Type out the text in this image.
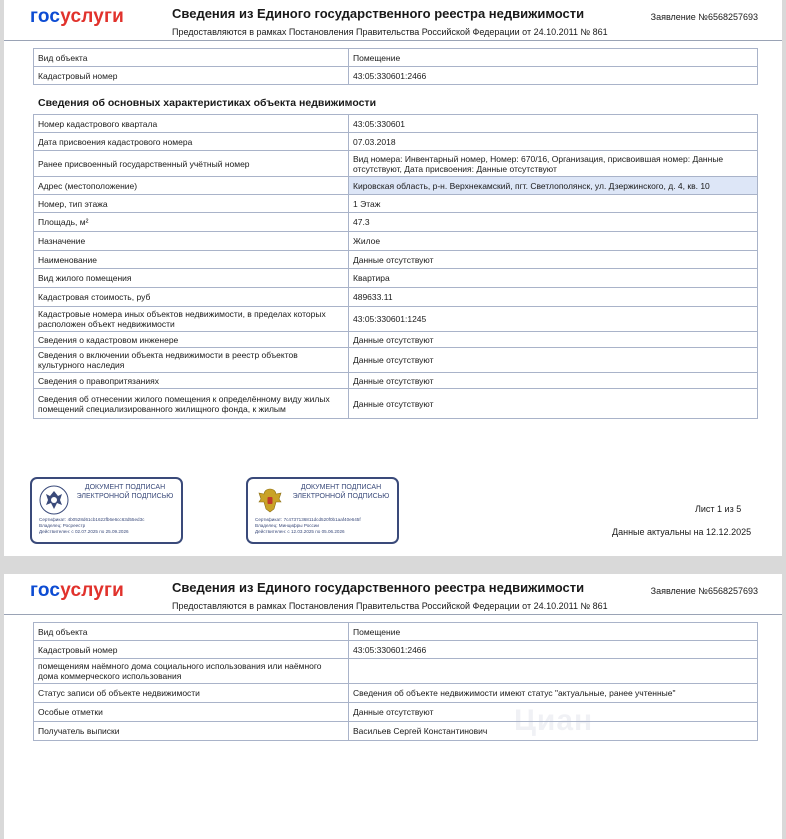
госуслуги	Сведения из Единого государственного реестра недвижимости
Предоставляются в рамках Постановления Правительства Российской Федерации от 24.10.2011 № 861
Заявление №6568257693
Вид объекта	Помещение
Кадастровый номер	43:05:330601:2466
Сведения об основных характеристиках объекта недвижимости
Номер кадастрового квартала	43:05:330601
Дата присвоения кадастрового номера	07.03.2018
Ранее присвоенный государственный учётный номер	Вид номера: Инвентарный номер, Номер: 670/16, Организация, присвоившая номер: Данные отсутствуют, Дата присвоения: Данные отсутствуют
Адрес (местоположение)	Кировская область, р-н. Верхнекамский, пгт. Светлополянск, ул. Дзержинского, д. 4, кв. 10
Номер, тип этажа	1 Этаж
Площадь, м²	47.3
Назначение	Жилое
Наименование	Данные отсутствуют
Вид жилого помещения	Квартира
Кадастровая стоимость, руб	489633.11
Кадастровые номера иных объектов недвижимости, в пределах которых расположен объект недвижимости	43:05:330601:1245
Сведения о кадастровом инженере	Данные отсутствуют
Сведения о включении объекта недвижимости в реестр объектов культурного наследия	Данные отсутствуют
Сведения о правопритязаниях	Данные отсутствуют
Сведения об отнесении жилого помещения к определённому виду жилых помещений специализированного жилищного фонда, к жилым	Данные отсутствуют
ДОКУМЕНТ ПОДПИСАН ЭЛЕКТРОННОЙ ПОДПИСЬЮ
Сертификат: 4b0528d61cb1622fb6e6cc63d55ed3c
Владелец: Росреестр
Действителен: с 02.07.2025 по 25.09.2026
ДОКУМЕНТ ПОДПИСАН ЭЛЕКТРОННОЙ ПОДПИСЬЮ
Сертификат: 7c4737136811dcd520f0b1aaf40e645f
Владелец: Минцифры России
Действителен: с 12.03.2025 по 05.06.2026
Лист 1 из 5
Данные актуальны на 12.12.2025
госуслуги	Сведения из Единого государственного реестра недвижимости
Предоставляются в рамках Постановления Правительства Российской Федерации от 24.10.2011 № 861
Заявление №6568257693
Вид объекта	Помещение
Кадастровый номер	43:05:330601:2466
помещениям наёмного дома социального использования или наёмного дома коммерческого использования	
Статус записи об объекте недвижимости	Сведения об объекте недвижимости имеют статус "актуальные, ранее учтенные"
Особые отметки	Данные отсутствуют
Получатель выписки	Васильев Сергей Константинович Циан
